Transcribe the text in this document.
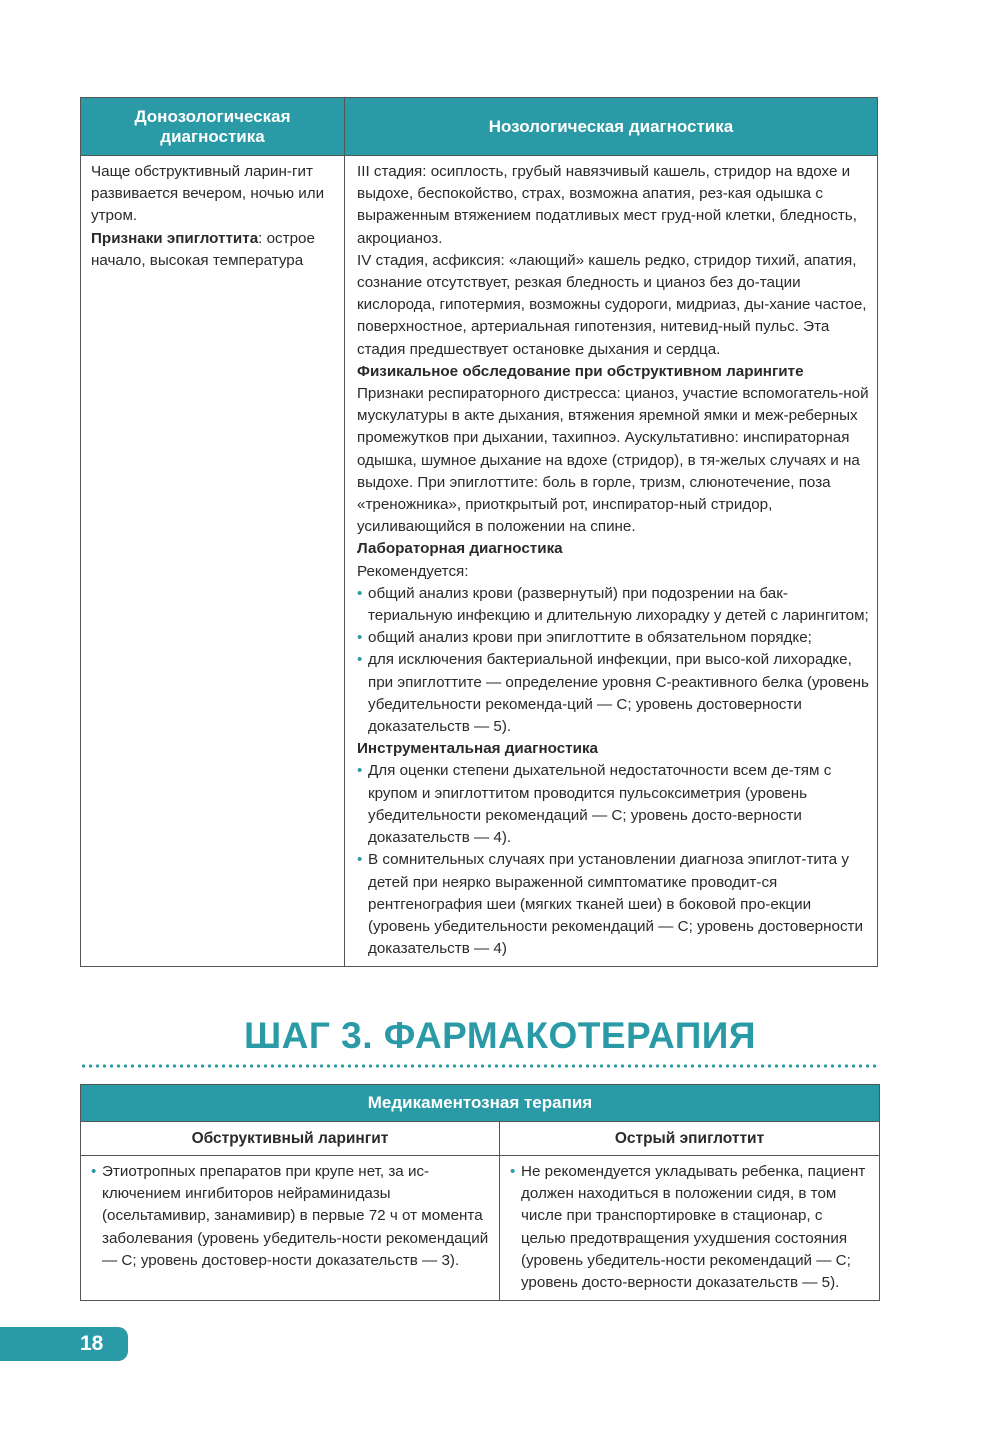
Донозологическая диагностика
Нозологическая диагностика

Чаще обструктивный ларин-гит развивается вечером, ночью или утром.

Признаки эпиглоттита: острое начало, высокая температура

III стадия: осиплость, грубый навязчивый кашель, стридор на вдохе и выдохе, беспокойство, страх, возможна апатия, рез-кая одышка с выраженным втяжением податливых мест груд-ной клетки, бледность, акроцианоз.

IV стадия, асфиксия: «лающий» кашель редко, стридор тихий, апатия, сознание отсутствует, резкая бледность и цианоз без до-тации кислорода, гипотермия, возможны судороги, мидриаз, ды-хание частое, поверхностное, артериальная гипотензия, нитевид-ный пульс. Эта стадия предшествует остановке дыхания и сердца.

Физикальное обследование при обструктивном ларингите

Признаки респираторного дистресса: цианоз, участие вспомогатель-ной мускулатуры в акте дыхания, втяжения яремной ямки и меж-реберных промежутков при дыхании, тахипноэ. Аускультативно: инспираторная одышка, шумное дыхание на вдохе (стридор), в тя-желых случаях и на выдохе. При эпиглоттите: боль в горле, тризм, слюнотечение, поза «треножника», приоткрытый рот, инспиратор-ный стридор, усиливающийся в положении на спине.

Лабораторная диагностика

Рекомендуется:

• общий анализ крови (развернутый) при подозрении на бак-териальную инфекцию и длительную лихорадку у детей с ларингитом;
• общий анализ крови при эпиглоттите в обязательном порядке;
• для исключения бактериальной инфекции, при высо-кой лихорадке, при эпиглоттите — определение уровня С-реактивного белка (уровень убедительности рекоменда-ций — С; уровень достоверности доказательств — 5).

Инструментальная диагностика

• Для оценки степени дыхательной недостаточности всем де-тям с крупом и эпиглоттитом проводится пульсоксиметрия (уровень убедительности рекомендаций — С; уровень досто-верности доказательств — 4).
• В сомнительных случаях при установлении диагноза эпиглот-тита у детей при неярко выраженной симптоматике проводит-ся рентгенография шеи (мягких тканей шеи) в боковой про-екции (уровень убедительности рекомендаций — С; уровень достоверности доказательств — 4)
ШАГ 3. ФАРМАКОТЕРАПИЯ
Медикаментозная терапия
Обструктивный ларингит	Острый эпиглоттит
• Этиотропных препаратов при крупе нет, за ис-ключением ингибиторов нейраминидазы (осельтамивир, занамивир) в первые 72 ч от момента заболевания (уровень убедитель-ности рекомендаций — С; уровень достовер-ности доказательств — 3).
• Не рекомендуется укладывать ребенка, пациент должен находиться в положении сидя, в том числе при транспортировке в стационар, с целью предотвращения ухудшения состояния (уровень убедитель-ности рекомендаций — С; уровень досто-верности доказательств — 5).
18
